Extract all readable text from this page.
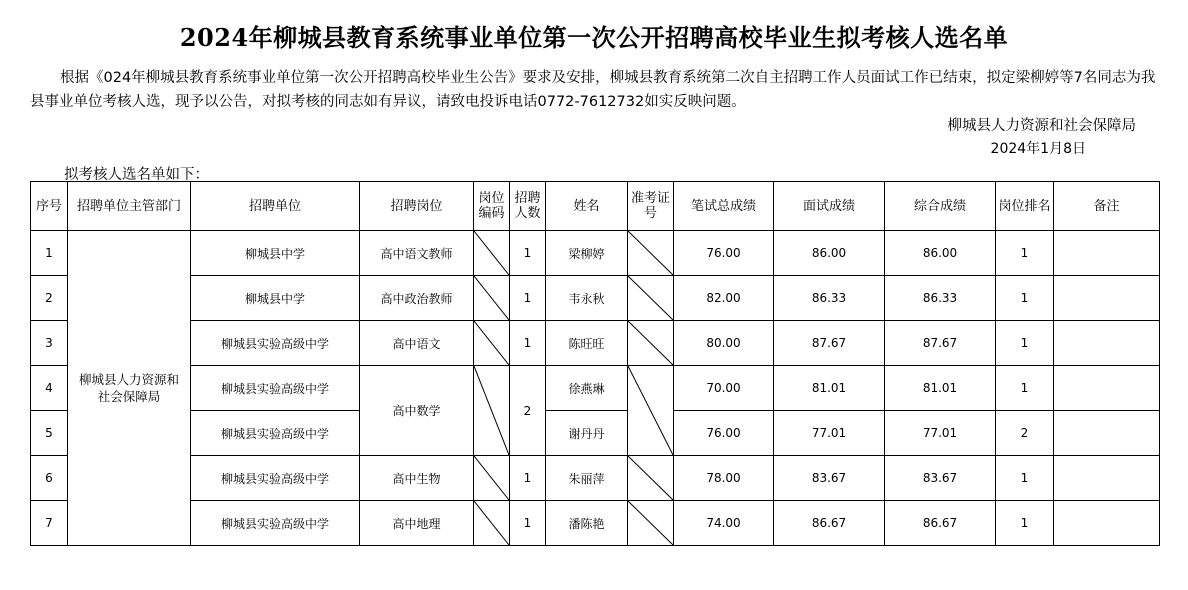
2024年柳城县教育系统事业单位第一次公开招聘高校毕业生拟考核人选名单

根据《024年柳城县教育系统事业单位第一次公开招聘高校毕业生公告》要求及安排，柳城县教育系统第二次自主招聘工作人员面试工作已结束，拟定梁柳婷等7名同志为我县事业单位考核人选，现予以公告，对拟考核的同志如有异议，请致电投诉电话0772-7612732如实反映问题。

柳城县人力资源和社会保障局
2024年1月8日
拟考核人选名单如下：
序号	招聘单位主管部门	招聘单位	招聘岗位	岗位编码	招聘人数	姓名	准考证号	笔试总成绩	面试成绩	综合成绩	岗位排名	备注
1	柳城县人力资源和社会保障局	柳城县中学	高中语文教师		1	梁柳婷		76.00	86.00	86.00	1	
2		柳城县中学	高中政治教师		1	韦永秋		82.00	86.33	86.33	1	
3		柳城县实验高级中学	高中语文		1	陈旺旺		80.00	87.67	87.67	1	
4		柳城县实验高级中学	高中数学		2	徐燕琳		70.00	81.01	81.01	1	
5		柳城县实验高级中学				谢丹丹		76.00	77.01	77.01	2	
6		柳城县实验高级中学	高中生物		1	朱丽萍		78.00	83.67	83.67	1	
7		柳城县实验高级中学	高中地理		1	潘陈艳		74.00	86.67	86.67	1	
